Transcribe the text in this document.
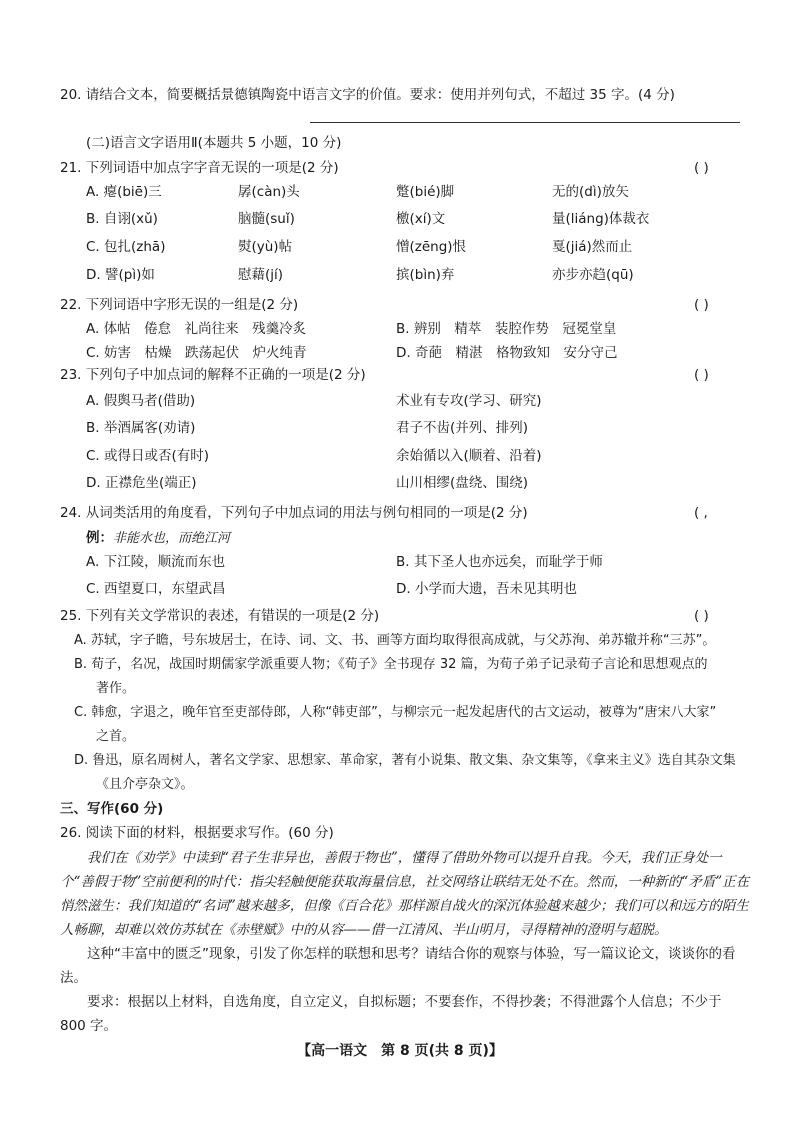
20. 请结合文本，简要概括景德镇陶瓷中语言文字的价值。要求：使用并列句式，不超过 35 字。(4 分)
(二)语言文字语用Ⅱ(本题共 5 小题，10 分)
21. 下列词语中加点字字音无误的一项是(2 分)	( )
A. 瘪(biē)三	孱(càn)头	蹩(bié)脚	无的(dì)放矢
B. 自诩(xǔ)	脑髓(suǐ)	檄(xí)文	量(liáng)体裁衣
C. 包扎(zhā)	熨(yù)帖	憎(zēng)恨	戛(jiá)然而止
D. 譬(pì)如	慰藉(jí)	摈(bìn)弃	亦步亦趋(qū)
22. 下列词语中字形无误的一组是(2 分)	( )
A. 体帖　倦怠　礼尚往来　残羹冷炙	B. 辨别　精萃　装腔作势　冠冕堂皇
C. 妨害　枯燥　跌荡起伏　炉火纯青	D. 奇葩　精湛　格物致知　安分守己
23. 下列句子中加点词的解释不正确的一项是(2 分)	( )
A. 假舆马者(借助)	术业有专攻(学习、研究)
B. 举酒属客(劝请)	君子不齿(并列、排列)
C. 或得日或否(有时)	余始循以入(顺着、沿着)
D. 正襟危坐(端正)	山川相缪(盘绕、围绕)
24. 从词类活用的角度看，下列句子中加点词的用法与例句相同的一项是(2 分)	( ,
例：非能水也，而绝江河
A. 下江陵，顺流而东也	B. 其下圣人也亦远矣，而耻学于师
C. 西望夏口，东望武昌	D. 小学而大遗，吾未见其明也
25. 下列有关文学常识的表述，有错误的一项是(2 分)	( )
A. 苏轼，字子瞻，号东坡居士，在诗、词、文、书、画等方面均取得很高成就，与父苏洵、弟苏辙并称“三苏”。
B. 荀子，名况，战国时期儒家学派重要人物；《荀子》全书现存 32 篇，为荀子弟子记录荀子言论和思想观点的
著作。
C. 韩愈，字退之，晚年官至吏部侍郎，人称“韩吏部”，与柳宗元一起发起唐代的古文运动，被尊为“唐宋八大家”
之首。
D. 鲁迅，原名周树人，著名文学家、思想家、革命家，著有小说集、散文集、杂文集等，《拿来主义》选自其杂文集
《且介亭杂文》。
三、写作(60 分)
26. 阅读下面的材料，根据要求写作。(60 分)
我们在《劝学》中读到“君子生非异也，善假于物也”，懂得了借助外物可以提升自我。今天，我们正身处一个“善假于物”空前便利的时代：指尖轻触便能获取海量信息，社交网络让联结无处不在。然而，一种新的“矛盾”正在悄然滋生：我们知道的“名词”越来越多，但像《百合花》那样源自战火的深沉体验越来越少；我们可以和远方的陌生人畅聊，却难以效仿苏轼在《赤壁赋》中的从容——借一江清风、半山明月，寻得精神的澄明与超脱。
这种“丰富中的匮乏”现象，引发了你怎样的联想和思考？请结合你的观察与体验，写一篇议论文，谈谈你的看法。
要求：根据以上材料，自选角度，自立定义，自拟标题；不要套作，不得抄袭；不得泄露个人信息；不少于 800 字。
【高一语文　第 8 页(共 8 页)】
